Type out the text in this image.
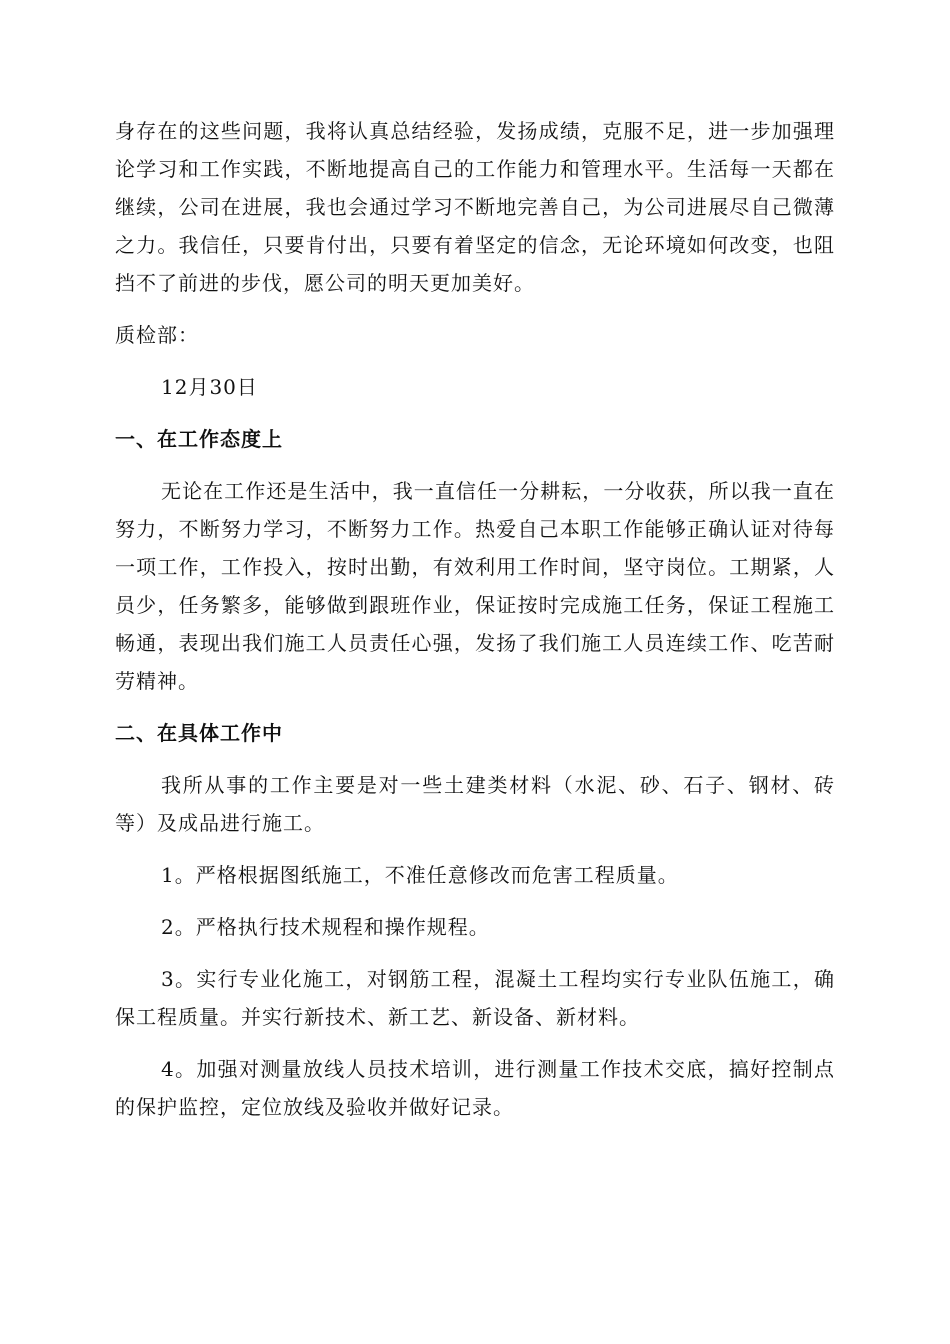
身存在的这些问题，我将认真总结经验，发扬成绩，克服不足，进一步加强理论学习和工作实践，不断地提高自己的工作能力和管理水平。生活每一天都在继续，公司在进展，我也会通过学习不断地完善自己，为公司进展尽自己微薄之力。我信任，只要肯付出，只要有着坚定的信念，无论环境如何改变，也阻挡不了前进的步伐，愿公司的明天更加美好。

质检部：

12月30日

一、在工作态度上

无论在工作还是生活中，我一直信任一分耕耘，一分收获，所以我一直在努力，不断努力学习，不断努力工作。热爱自己本职工作能够正确认证对待每一项工作，工作投入，按时出勤，有效利用工作时间，坚守岗位。工期紧，人员少，任务繁多，能够做到跟班作业，保证按时完成施工任务，保证工程施工畅通，表现出我们施工人员责任心强，发扬了我们施工人员连续工作、吃苦耐劳精神。

二、在具体工作中

我所从事的工作主要是对一些土建类材料（水泥、砂、石子、钢材、砖等）及成品进行施工。

1。严格根据图纸施工，不准任意修改而危害工程质量。

2。严格执行技术规程和操作规程。

3。实行专业化施工，对钢筋工程，混凝土工程均实行专业队伍施工，确保工程质量。并实行新技术、新工艺、新设备、新材料。

4。加强对测量放线人员技术培训，进行测量工作技术交底，搞好控制点的保护监控，定位放线及验收并做好记录。
